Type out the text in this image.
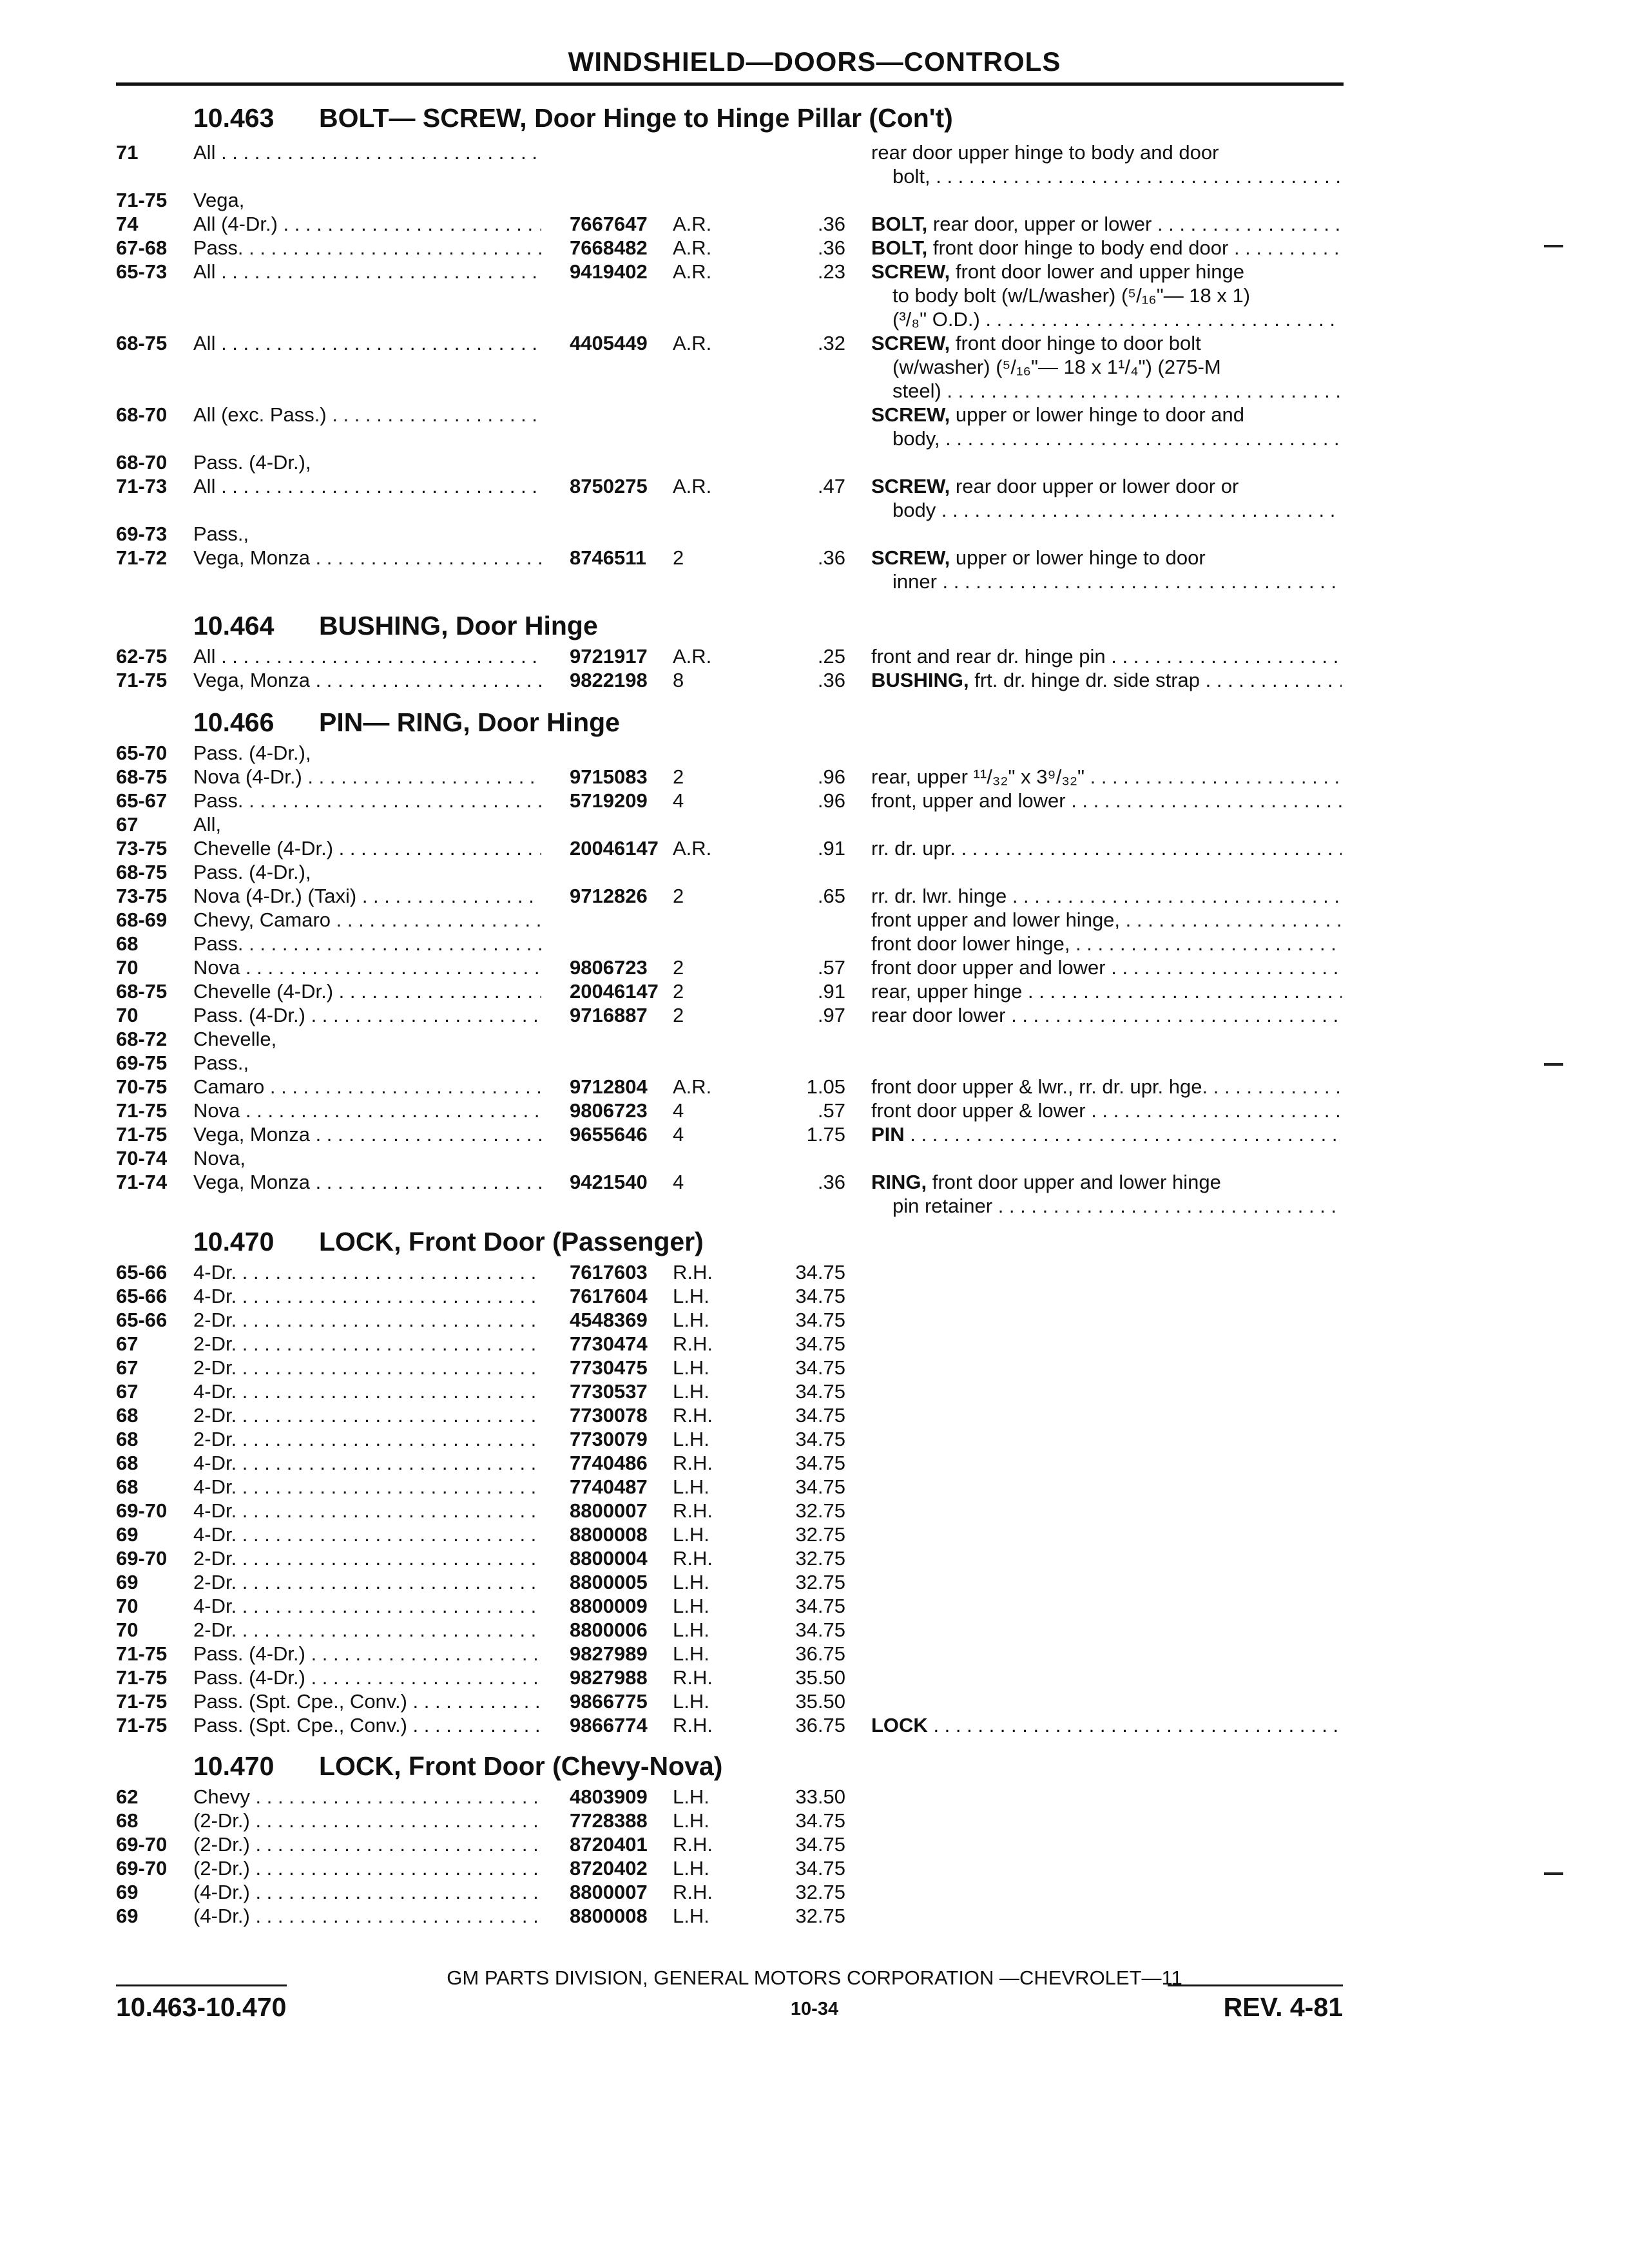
WINDSHIELD—DOORS—CONTROLS
10.463 BOLT— SCREW, Door Hinge to Hinge Pillar (Con't)
10.464 BUSHING, Door Hinge
10.466 PIN— RING, Door Hinge
10.470 LOCK, Front Door (Passenger)
10.470 LOCK, Front Door (Chevy-Nova)
71	All . . .	rear door upper hinge to body and door
bolt, . . .
71-75	Vega,
74	All (4-Dr.) . . .	7667647	A.R.	.36 BOLT, rear door, upper or lower . . .
67-68	Pass. . . .	7668482	A.R.	.36 BOLT, front door hinge to body end door . . .
65-73	All . . .	9419402	A.R.	.23 SCREW, front door lower and upper hinge
to body bolt (w/L/washer) (⁵/₁₆"— 18 x 1)
(³/₈" O.D.) . . .
68-75	All . . .	4405449	A.R.	.32 SCREW, front door hinge to door bolt
(w/washer) (⁵/₁₆"— 18 x 1¹/₄") (275-M
steel) . . .
68-70	All (exc. Pass.) . . .	SCREW, upper or lower hinge to door and
body, . . .
68-70	Pass. (4-Dr.),
71-73	All . . .	8750275	A.R.	.47 SCREW, rear door upper or lower door or
body . . .
69-73	Pass.,
71-72	Vega, Monza . . .	8746511	2	.36 SCREW, upper or lower hinge to door
inner . . .
62-75	All . . .	9721917	A.R.	.25 front and rear dr. hinge pin . . .
71-75	Vega, Monza . . .	9822198	8	.36 BUSHING, frt. dr. hinge dr. side strap . . .
65-70	Pass. (4-Dr.),
68-75	Nova (4-Dr.) . . .	9715083	2	.96 rear, upper ¹¹/₃₂" x 3⁹/₃₂" . . .
65-67	Pass. . . .	5719209	4	.96 front, upper and lower . . .
67	All,
73-75	Chevelle (4-Dr.) . . .	20046147 A.R.	.91 rr. dr. upr. . . .
68-75	Pass. (4-Dr.),
73-75	Nova (4-Dr.) (Taxi) . . .	9712826	2	.65 rr. dr. lwr. hinge . . .
68-69	Chevy, Camaro . . .	front upper and lower hinge, . . .
68	Pass. . . .	front door lower hinge, . . .
70	Nova . . .	9806723	2	.57 front door upper and lower . . .
68-75	Chevelle (4-Dr.) . . .	20046147 2	.91 rear, upper hinge . . .
70	Pass. (4-Dr.) . . .	9716887	2	.97 rear door lower . . .
68-72	Chevelle,
69-75	Pass.,
70-75	Camaro . . .	9712804	A.R.	1.05 front door upper & lwr., rr. dr. upr. hge. . . .
71-75	Nova . . .	9806723	4	.57 front door upper & lower . . .
71-75	Vega, Monza . . .	9655646	4	1.75 PIN . . .
70-74	Nova,
71-74	Vega, Monza . . .	9421540	4	.36 RING, front door upper and lower hinge
pin retainer . . .
65-66	4-Dr. . . .	7617603	R.H.	34.75
65-66	4-Dr. . . .	7617604	L.H.	34.75
65-66	2-Dr. . . .	4548369	L.H.	34.75
67	2-Dr. . . .	7730474	R.H.	34.75
67	2-Dr. . . .	7730475	L.H.	34.75
67	4-Dr. . . .	7730537	L.H.	34.75
68	2-Dr. . . .	7730078	R.H.	34.75
68	2-Dr. . . .	7730079	L.H.	34.75
68	4-Dr. . . .	7740486	R.H.	34.75
68	4-Dr. . . .	7740487	L.H.	34.75
69-70	4-Dr. . . .	8800007	R.H.	32.75
69	4-Dr. . . .	8800008	L.H.	32.75
69-70	2-Dr. . . .	8800004	R.H.	32.75
69	2-Dr. . . .	8800005	L.H.	32.75
70	4-Dr. . . .	8800009	L.H.	34.75
70	2-Dr. . . .	8800006	L.H.	34.75
71-75	Pass. (4-Dr.) . . .	9827989	L.H.	36.75
71-75	Pass. (4-Dr.) . . .	9827988	R.H.	35.50
71-75	Pass. (Spt. Cpe., Conv.) . . .	9866775	L.H.	35.50
71-75	Pass. (Spt. Cpe., Conv.) . . .	9866774	R.H.	36.75 LOCK . . .
62	Chevy . . .	4803909	L.H.	33.50
68	(2-Dr.) . . .	7728388	L.H.	34.75
69-70	(2-Dr.) . . .	8720401	R.H.	34.75
69-70	(2-Dr.) . . .	8720402	L.H.	34.75
69	(4-Dr.) . . .	8800007	R.H.	32.75
69	(4-Dr.) . . .	8800008	L.H.	32.75
GM PARTS DIVISION, GENERAL MOTORS CORPORATION —CHEVROLET—11
10.463-10.470	10-34	REV. 4-81
